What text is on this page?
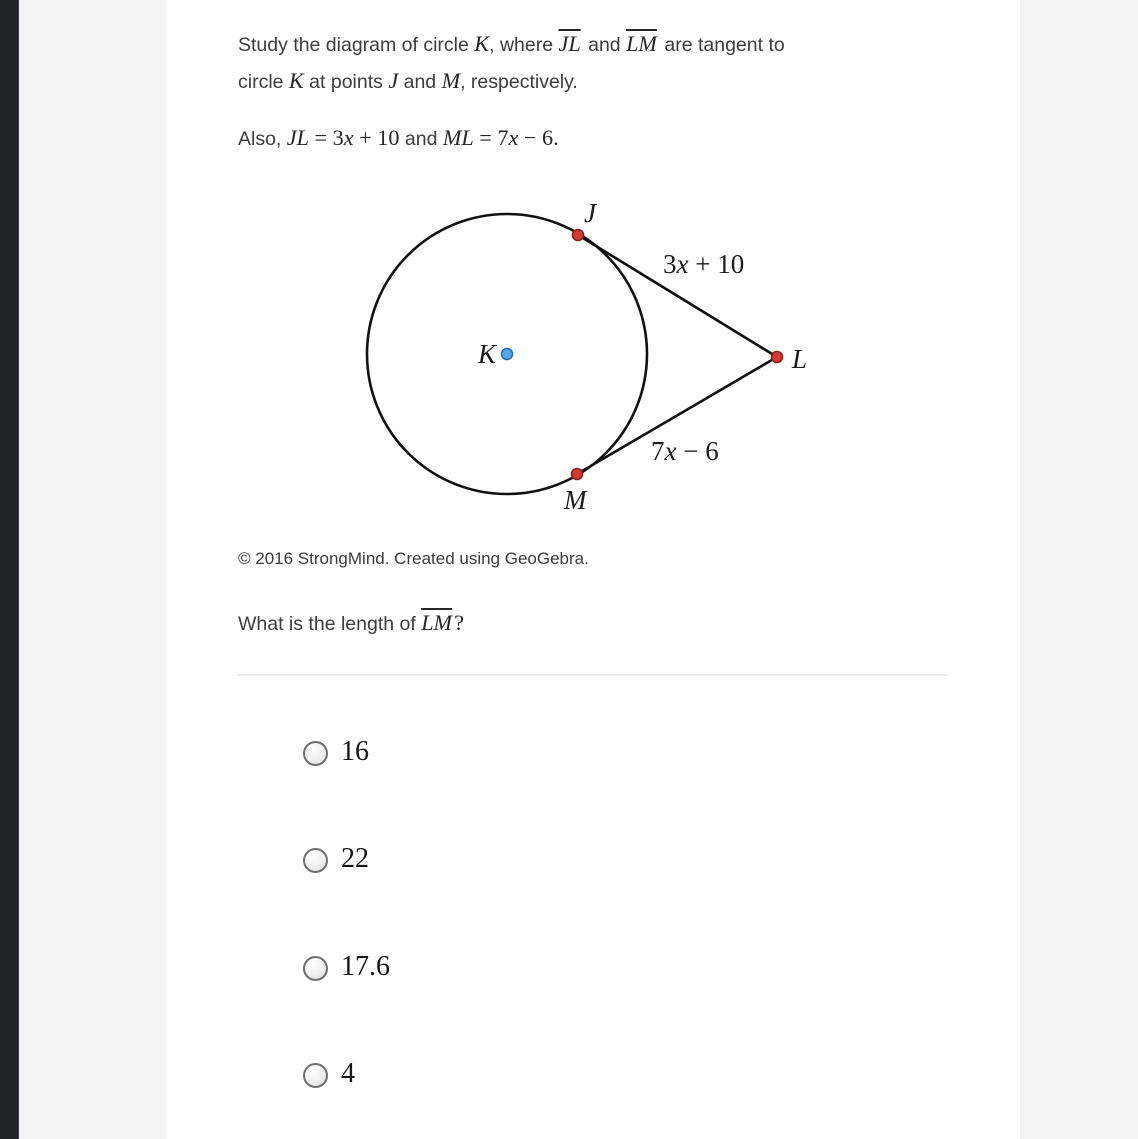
Study the diagram of circle K, where $\overline{JL}$ and $\overline{LM}$ are tangent to
circle K at points J and M, respectively.

Also, JL = 3x + 10 and ML = 7x − 6.

J
K	L
M
3x + 10
7x − 6

© 2016 StrongMind. Created using GeoGebra.

What is the length of $\overline{LM}$?

16
22
17.6
4
